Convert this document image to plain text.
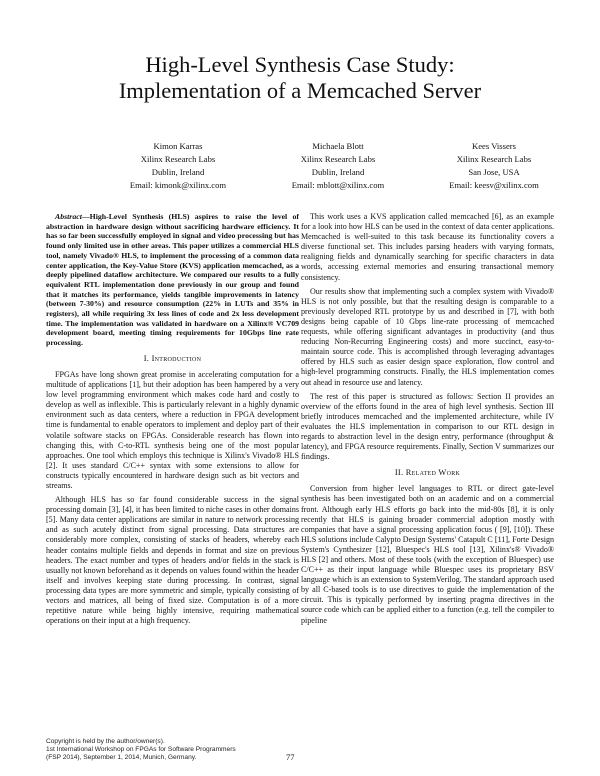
High-Level Synthesis Case Study:
Implementation of a Memcached Server
Kimon Karras
Xilinx Research Labs
Dublin, Ireland
Email: kimonk@xilinx.com
Michaela Blott
Xilinx Research Labs
Dublin, Ireland
Email: mblott@xilinx.com
Kees Vissers
Xilinx Research Labs
San Jose, USA
Email: keesv@xilinx.com

Abstract—High-Level Synthesis (HLS) aspires to raise the level of abstraction in hardware design without sacrificing hardware efficiency. It has so far been successfully employed in signal and video processing but has found only limited use in other areas. This paper utilizes a commercial HLS tool, namely Vivado® HLS, to implement the processing of a common data center application, the Key-Value Store (KVS) application memcached, as a deeply pipelined dataflow architecture. We compared our results to a fully equivalent RTL implementation done previously in our group and found that it matches its performance, yields tangible improvements in latency (between 7-30%) and resource consumption (22% in LUTs and 35% in registers), all while requiring 3x less lines of code and 2x less development time. The implementation was validated in hardware on a Xilinx® VC709 development board, meeting timing requirements for 10Gbps line rate processing.

I. Introduction

FPGAs have long shown great promise in accelerating computation for a multitude of applications [1], but their adoption has been hampered by a very low level programming environment which makes code hard and costly to develop as well as inflexible. This is particularly relevant in a highly dynamic environment such as data centers, where a reduction in FPGA development time is fundamental to enable operators to implement and deploy part of their volatile software stacks on FPGAs. Considerable research has flown into changing this, with C-to-RTL synthesis being one of the most popular approaches. One tool which employs this technique is Xilinx's Vivado® HLS [2]. It uses standard C/C++ syntax with some extensions to allow for constructs typically encountered in hardware design such as bit vectors and streams.

Although HLS has so far found considerable success in the signal processing domain [3], [4], it has been limited to niche cases in other domains [5]. Many data center applications are similar in nature to network processing and as such acutely distinct from signal processing. Data structures are considerably more complex, consisting of stacks of headers, whereby each header contains multiple fields and depends in format and size on previous headers. The exact number and types of headers and/or fields in the stack is usually not known beforehand as it depends on values found within the header itself and involves keeping state during processing. In contrast, signal processing data types are more symmetric and simple, typically consisting of vectors and matrices, all being of fixed size. Computation is of a more repetitive nature while being highly intensive, requiring mathematical operations on their input at a high frequency.

This work uses a KVS application called memcached [6], as an example for a look into how HLS can be used in the context of data center applications. Memcached is well-suited to this task because its functionality covers a diverse functional set. This includes parsing headers with varying formats, realigning fields and dynamically searching for specific characters in data words, accessing external memories and ensuring transactional memory consistency.

Our results show that implementing such a complex system with Vivado® HLS is not only possible, but that the resulting design is comparable to a previously developed RTL prototype by us and described in [7], with both designs being capable of 10 Gbps line-rate processing of memcached requests, while offering significant advantages in productivity (and thus reducing Non-Recurring Engineering costs) and more succinct, easy-to-maintain source code. This is accomplished through leveraging advantages offered by HLS such as easier design space exploration, flow control and high-level programming constructs. Finally, the HLS implementation comes out ahead in resource use and latency.

The rest of this paper is structured as follows: Section II provides an overview of the efforts found in the area of high level synthesis. Section III briefly introduces memcached and the implemented architecture, while IV evaluates the HLS implementation in comparison to our RTL design in regards to abstraction level in the design entry, performance (throughput & latency), and FPGA resource requirements. Finally, Section V summarizes our findings.

II. Related Work

Conversion from higher level languages to RTL or direct gate-level synthesis has been investigated both on an academic and on a commercial front. Although early HLS efforts go back into the mid-80s [8], it is only recently that HLS is gaining broader commercial adoption mostly with companies that have a signal processing application focus ( [9], [10]). These HLS solutions include Calypto Design Systems' Catapult C [11], Forte Design System's Cynthesizer [12], Bluespec's HLS tool [13], Xilinx's® Vivado® HLS [2] and others. Most of these tools (with the exception of Bluespec) use C/C++ as their input language while Bluespec uses its proprietary BSV language which is an extension to SystemVerilog. The standard approach used by all C-based tools is to use directives to guide the implementation of the circuit. This is typically performed by inserting pragma directives in the source code which can be applied either to a function (e.g. tell the compiler to pipeline

Copyright is held by the author/owner(s).
1st International Workshop on FPGAs for Software Programmers
(FSP 2014), September 1, 2014, Munich, Germany.	77
